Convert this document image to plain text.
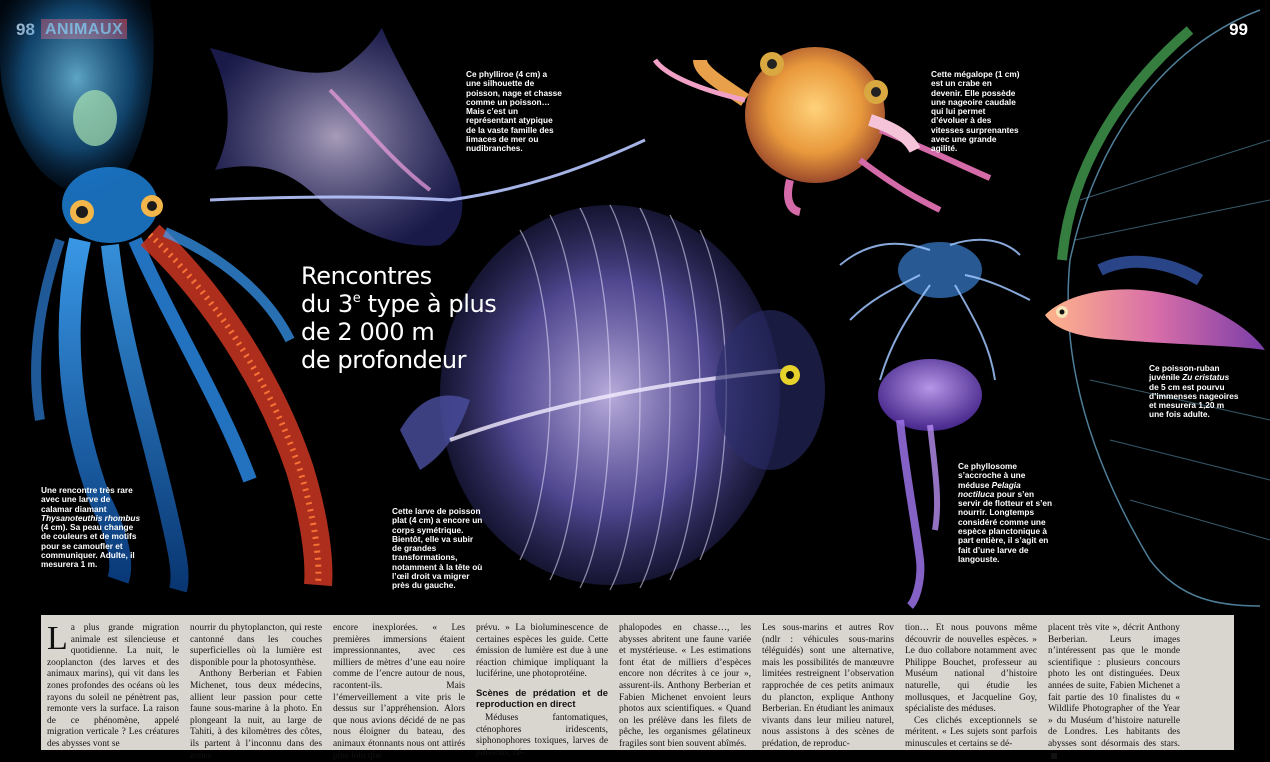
99
Rencontres
du 3e type à plus
de 2 000 m
de profondeur
Une rencontre très rare avec une larve de calamar diamant Thysanoteuthis rhombus (4 cm). Sa peau change de couleurs et de motifs pour se camoufler et communiquer. Adulte, il mesurera 1 m.
Ce phylliroe (4 cm) a une silhouette de poisson, nage et chasse comme un poisson… Mais c’est un représentant atypique de la vaste famille des limaces de mer ou nudibranches.
Cette mégalope (1 cm) est un crabe en devenir. Elle possède une nageoire caudale qui lui permet d’évoluer à des vitesses surprenantes avec une grande agilité.
Cette larve de poisson plat (4 cm) a encore un corps symétrique. Bientôt, elle va subir de grandes transformations, notamment à la tête où l’œil droit va migrer près du gauche.
Ce phyllosome s’accroche à une méduse Pelagia noctiluca pour s’en servir de flotteur et s’en nourrir. Longtemps considéré comme une espèce planctonique à part entière, il s’agit en fait d’une larve de langouste.
Ce poisson-ruban juvénile Zu cristatus de 5 cm est pourvu d’immenses nageoires et mesurera 1,20 m une fois adulte.

La plus grande migration animale est silencieuse et quotidienne. La nuit, le zooplancton (des larves et des animaux marins), qui vit dans les zones profondes des océans où les rayons du soleil ne pénètrent pas, remonte vers la surface. La raison de ce phénomène, appelé migration verticale ? Les créatures des abysses vont se

nourrir du phytoplancton, qui reste cantonné dans les couches superficielles où la lumière est disponible pour la photosynthèse.

Anthony Berberian et Fabien Michenet, tous deux médecins, allient leur passion pour cette faune sous-marine à la photo. En plongeant la nuit, au large de Tahiti, à des kilomètres des côtes, ils partent à l’inconnu dans des zones

encore inexplorées. « Les premières immersions étaient impressionnantes, avec ces milliers de mètres d’une eau noire comme de l’encre autour de nous, racontent-ils. Mais l’émerveillement a vite pris le dessus sur l’appréhension. Alors que nous avions décidé de ne pas nous éloigner du bateau, des animaux étonnants nous ont attirés plus loin que

prévu. » La bioluminescence de certaines espèces les guide. Cette émission de lumière est due à une réaction chimique impliquant la luciférine, une photoprotéine.

Scènes de prédation et de reproduction en direct

Méduses fantomatiques, cténophores iridescents, siphonophores toxiques, larves de poissons, cé-

phalopodes en chasse…, les abysses abritent une faune variée et mystérieuse. « Les estimations font état de milliers d’espèces encore non décrites à ce jour », assurent-ils. Anthony Berberian et Fabien Michenet envoient leurs photos aux scientifiques. « Quand on les prélève dans les filets de pêche, les organismes gélatineux fragiles sont bien souvent abîmés.

Les sous-marins et autres Rov (ndlr : véhicules sous-marins téléguidés) sont une alternative, mais les possibilités de manœuvre limitées restreignent l’observation rapprochée de ces petits animaux du plancton, explique Anthony Berberian. En étudiant les animaux vivants dans leur milieu naturel, nous assistons à des scènes de prédation, de reproduc-

tion… Et nous pouvons même découvrir de nouvelles espèces. » Le duo collabore notamment avec Philippe Bouchet, professeur au Muséum national d’histoire naturelle, qui étudie les mollusques, et Jacqueline Goy, spécialiste des méduses.

Ces clichés exceptionnels se méritent. « Les sujets sont parfois minuscules et certains se dé-

placent très vite », décrit Anthony Berberian. Leurs images n’intéressent pas que le monde scientifique : plusieurs concours photo les ont distinguées. Deux années de suite, Fabien Michenet a fait partie des 10 finalistes du « Wildlife Photographer of the Year » du Muséum d’histoire naturelle de Londres. Les habitants des abysses sont désormais des stars.
